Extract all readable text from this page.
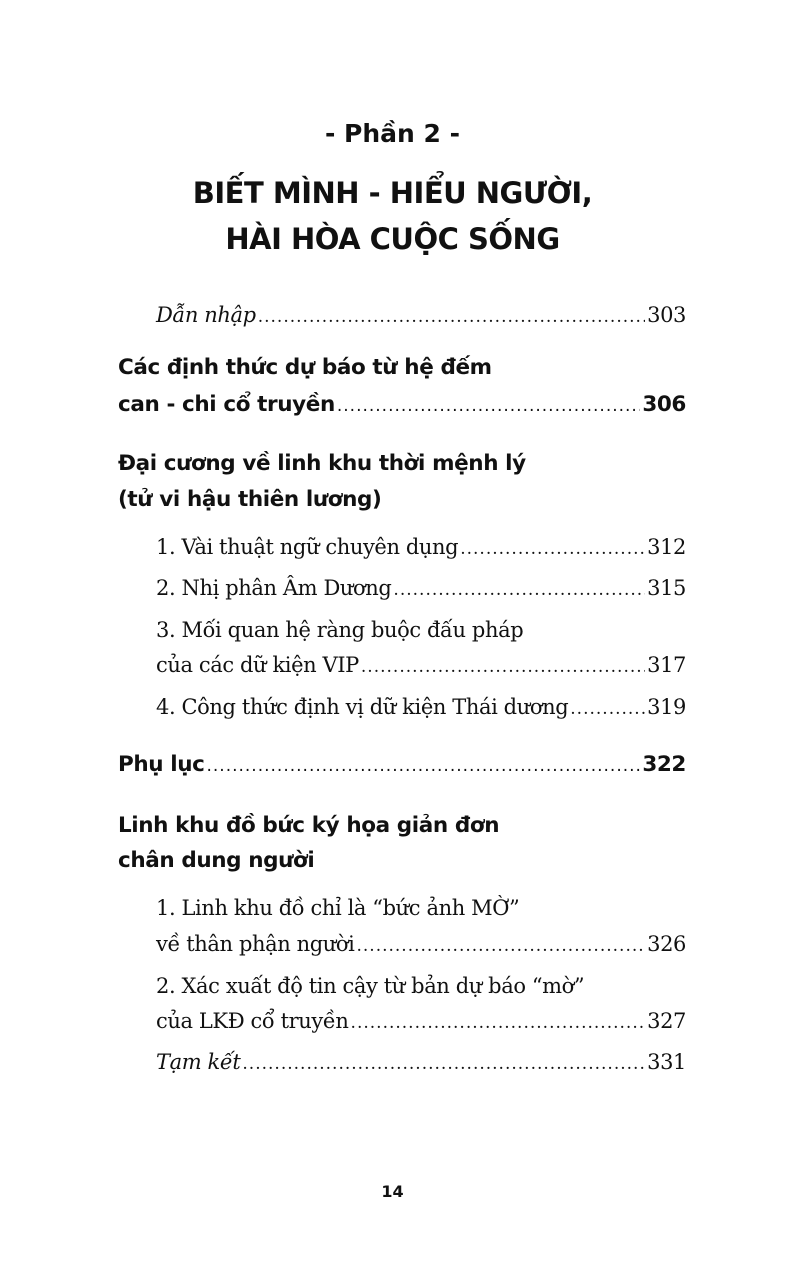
- Phần 2 -
BIẾT MÌNH - HIỂU NGƯỜI,
HÀI HÒA CUỘC SỐNG
Dẫn nhập .....	303
Các định thức dự báo từ hệ đếm
can - chi cổ truyền .....	306
Đại cương về linh khu thời mệnh lý
(tử vi hậu thiên lương)
1. Vài thuật ngữ chuyên dụng .....	312
2. Nhị phân Âm Dương .....	315
3. Mối quan hệ ràng buộc đấu pháp
của các dữ kiện VIP .....	317
4. Công thức định vị dữ kiện Thái dương .....	319
Phụ lục .....	322
Linh khu đồ bức ký họa giản đơn
chân dung người
1. Linh khu đồ chỉ là “bức ảnh MỜ”
về thân phận người .....	326
2. Xác xuất độ tin cậy từ bản dự báo “mờ”
của LKĐ cổ truyền .....	327
Tạm kết .....	331
14
